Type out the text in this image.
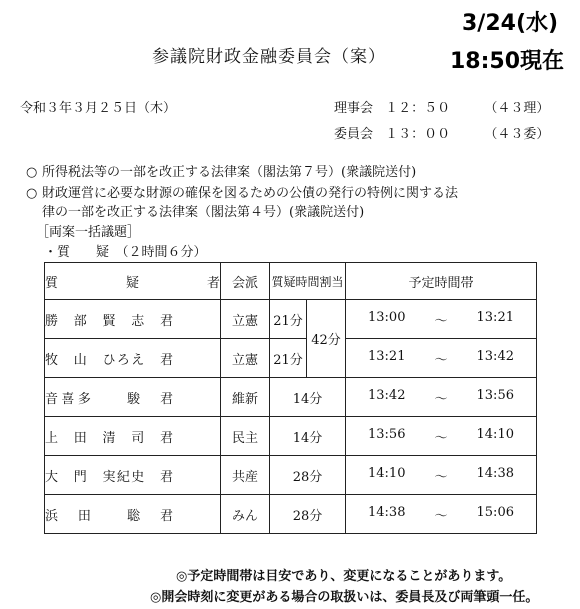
3/24(水)
18:50現在
参議院財政金融委員会（案）
令和３年３月２５日（木）	理事会 １２：５０	（４３理）
委員会 １３：００	（４３委）
○ 所得税法等の一部を改正する法律案（閣法第７号）(衆議院送付)
○ 財政運営に必要な財源の確保を図るための公債の発行の特例に関する法
律の一部を改正する法律案（閣法第４号）(衆議院送付)
［両案一括議題］
・質　　疑　（２時間６分）
質　疑　者	会派	質疑時間割当		予定時間帯
勝　部　賢　志　君	立憲	21分	42分	13:00 ～ 13:21

牧　山　ひろえ　君	立憲	21分		13:21 ～ 13:42

音喜多　　駿　君	維新	14分		13:42 ～ 13:56

上　田　清　司　君	民主	14分		13:56 ～ 14:10

大　門　実紀史　君	共産	28分		14:10 ～ 14:38

浜　田　　聡　君	みん	28分		14:38 ～ 15:06
◎予定時間帯は目安であり、変更になることがあります。
◎開会時刻に変更がある場合の取扱いは、委員長及び両筆頭一任。
